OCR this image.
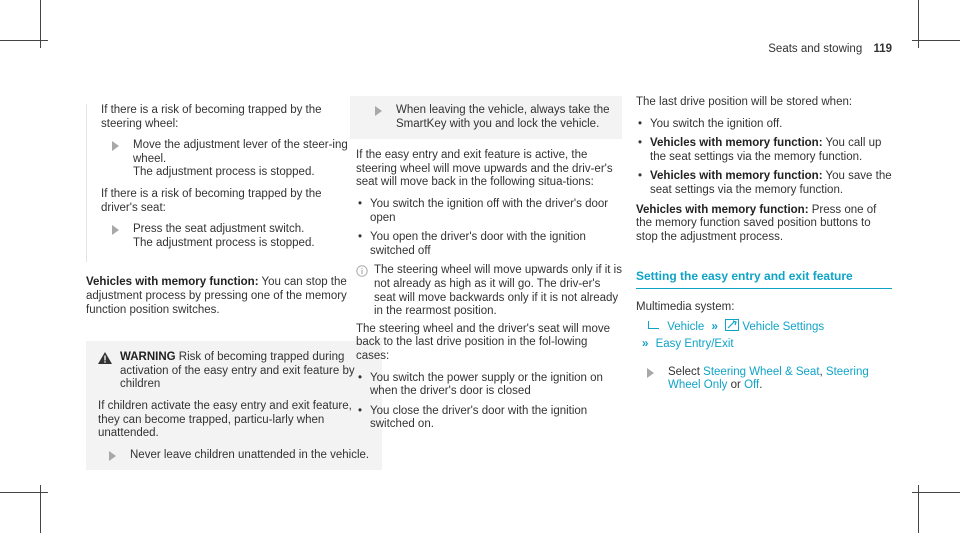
Seats and stowing 119

If there is a risk of becoming trapped by the steering wheel:

Move the adjustment lever of the steer-ing wheel.
The adjustment process is stopped.

If there is a risk of becoming trapped by the driver's seat:

Press the seat adjustment switch.
The adjustment process is stopped.

Vehicles with memory function: You can stop the adjustment process by pressing one of the memory function position switches.

WARNING Risk of becoming trapped during activation of the easy entry and exit feature by children

If children activate the easy entry and exit feature, they can become trapped, particu-larly when unattended.

Never leave children unattended in the vehicle.
When leaving the vehicle, always take the SmartKey with you and lock the vehicle.

If the easy entry and exit feature is active, the steering wheel will move upwards and the driv-er's seat will move back in the following situa-tions:

• You switch the ignition off with the driver's door open
• You open the driver's door with the ignition switched off
The steering wheel will move upwards only if it is not already as high as it will go. The driv-er's seat will move backwards only if it is not already in the rearmost position.

The steering wheel and the driver's seat will move back to the last drive position in the fol-lowing cases:

• You switch the power supply or the ignition on when the driver's door is closed
• You close the driver's door with the ignition switched on.

The last drive position will be stored when:

• You switch the ignition off.
• Vehicles with memory function: You call up the seat settings via the memory function.
• Vehicles with memory function: You save the seat settings via the memory function.

Vehicles with memory function: Press one of the memory function saved position buttons to stop the adjustment process.

Setting the easy entry and exit feature

Multimedia system:

Vehicle » Vehicle Settings
» Easy Entry/Exit
Select Steering Wheel & Seat, Steering Wheel Only or Off.
